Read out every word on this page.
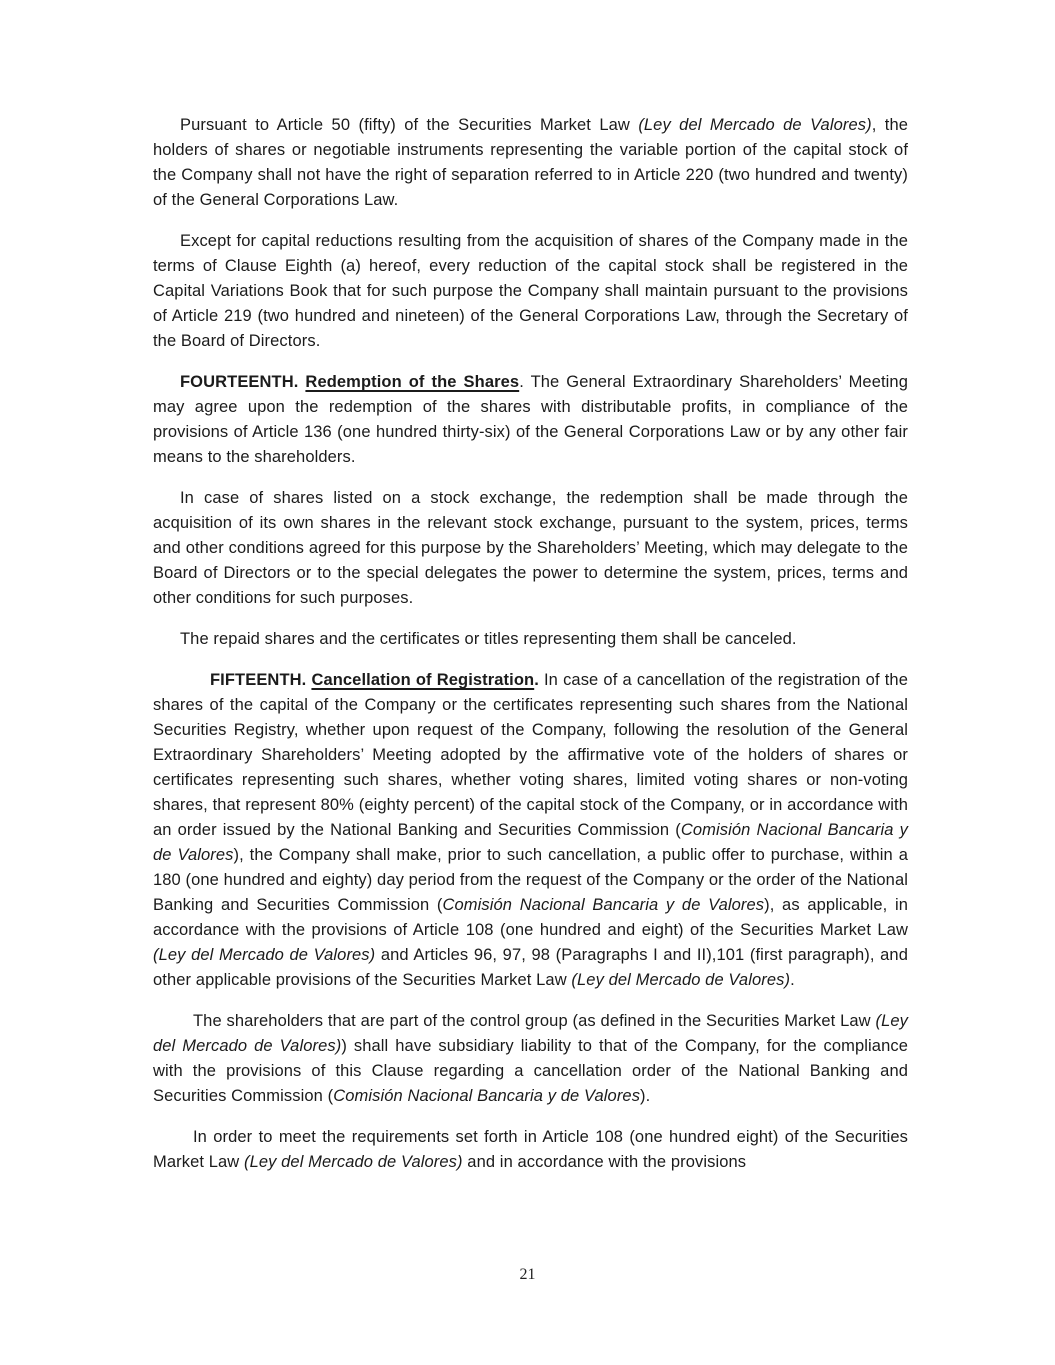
Pursuant to Article 50 (fifty) of the Securities Market Law (Ley del Mercado de Valores), the holders of shares or negotiable instruments representing the variable portion of the capital stock of the Company shall not have the right of separation referred to in Article 220 (two hundred and twenty) of the General Corporations Law.

Except for capital reductions resulting from the acquisition of shares of the Company made in the terms of Clause Eighth (a) hereof, every reduction of the capital stock shall be registered in the Capital Variations Book that for such purpose the Company shall maintain pursuant to the provisions of Article 219 (two hundred and nineteen) of the General Corporations Law, through the Secretary of the Board of Directors.

FOURTEENTH. Redemption of the Shares. The General Extraordinary Shareholders’ Meeting may agree upon the redemption of the shares with distributable profits, in compliance of the provisions of Article 136 (one hundred thirty-six) of the General Corporations Law or by any other fair means to the shareholders.

In case of shares listed on a stock exchange, the redemption shall be made through the acquisition of its own shares in the relevant stock exchange, pursuant to the system, prices, terms and other conditions agreed for this purpose by the Shareholders’ Meeting, which may delegate to the Board of Directors or to the special delegates the power to determine the system, prices, terms and other conditions for such purposes.

The repaid shares and the certificates or titles representing them shall be canceled.

FIFTEENTH. Cancellation of Registration. In case of a cancellation of the registration of the shares of the capital of the Company or the certificates representing such shares from the National Securities Registry, whether upon request of the Company, following the resolution of the General Extraordinary Shareholders’ Meeting adopted by the affirmative vote of the holders of shares or certificates representing such shares, whether voting shares, limited voting shares or non-voting shares, that represent 80% (eighty percent) of the capital stock of the Company, or in accordance with an order issued by the National Banking and Securities Commission (Comisión Nacional Bancaria y de Valores), the Company shall make, prior to such cancellation, a public offer to purchase, within a 180 (one hundred and eighty) day period from the request of the Company or the order of the National Banking and Securities Commission (Comisión Nacional Bancaria y de Valores), as applicable, in accordance with the provisions of Article 108 (one hundred and eight) of the Securities Market Law (Ley del Mercado de Valores) and Articles 96, 97, 98 (Paragraphs I and II),101 (first paragraph), and other applicable provisions of the Securities Market Law (Ley del Mercado de Valores).

The shareholders that are part of the control group (as defined in the Securities Market Law (Ley del Mercado de Valores)) shall have subsidiary liability to that of the Company, for the compliance with the provisions of this Clause regarding a cancellation order of the National Banking and Securities Commission (Comisión Nacional Bancaria y de Valores).

In order to meet the requirements set forth in Article 108 (one hundred eight) of the Securities Market Law (Ley del Mercado de Valores) and in accordance with the provisions

21
